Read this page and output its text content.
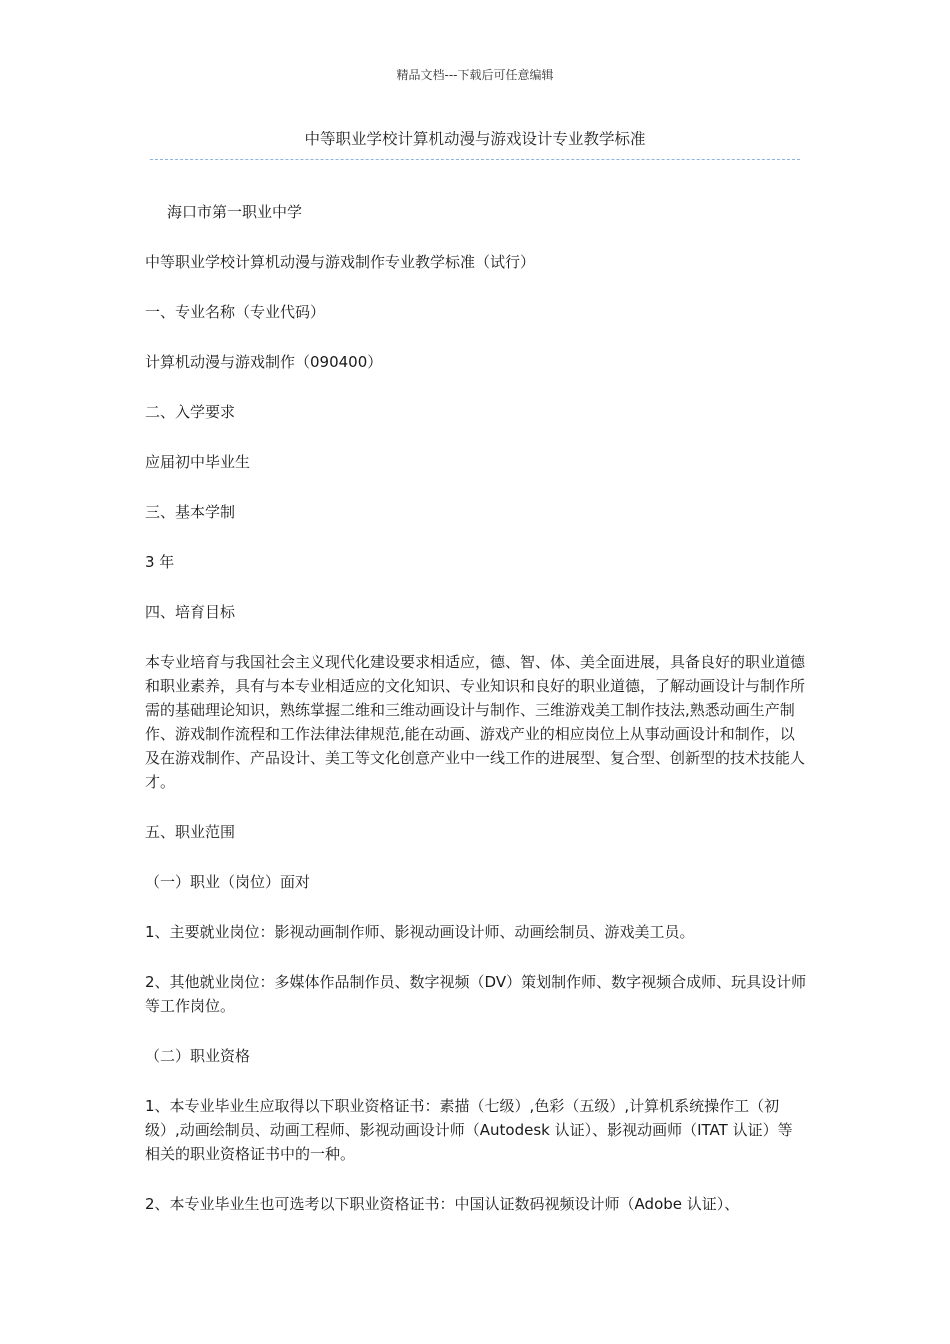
精品文档---下载后可任意编辑
中等职业学校计算机动漫与游戏设计专业教学标准

海口市第一职业中学

中等职业学校计算机动漫与游戏制作专业教学标准（试行）

一、专业名称（专业代码）

计算机动漫与游戏制作（090400）

二、入学要求

应届初中毕业生

三、基本学制

3 年

四、培育目标

本专业培育与我国社会主义现代化建设要求相适应，德、智、体、美全面进展，具备良好的职业道德和职业素养，具有与本专业相适应的文化知识、专业知识和良好的职业道德，了解动画设计与制作所需的基础理论知识，熟练掌握二维和三维动画设计与制作、三维游戏美工制作技法,熟悉动画生产制作、游戏制作流程和工作法律法律规范,能在动画、游戏产业的相应岗位上从事动画设计和制作，以及在游戏制作、产品设计、美工等文化创意产业中一线工作的进展型、复合型、创新型的技术技能人才。

五、职业范围

（一）职业（岗位）面对

1、主要就业岗位：影视动画制作师、影视动画设计师、动画绘制员、游戏美工员。

2、其他就业岗位：多媒体作品制作员、数字视频（DV）策划制作师、数字视频合成师、玩具设计师等工作岗位。

（二）职业资格

1、本专业毕业生应取得以下职业资格证书：素描（七级）,色彩（五级）,计算机系统操作工（初级）,动画绘制员、动画工程师、影视动画设计师（Autodesk 认证）、影视动画师（ITAT 认证）等相关的职业资格证书中的一种。

2、本专业毕业生也可选考以下职业资格证书：中国认证数码视频设计师（Adobe 认证）、
